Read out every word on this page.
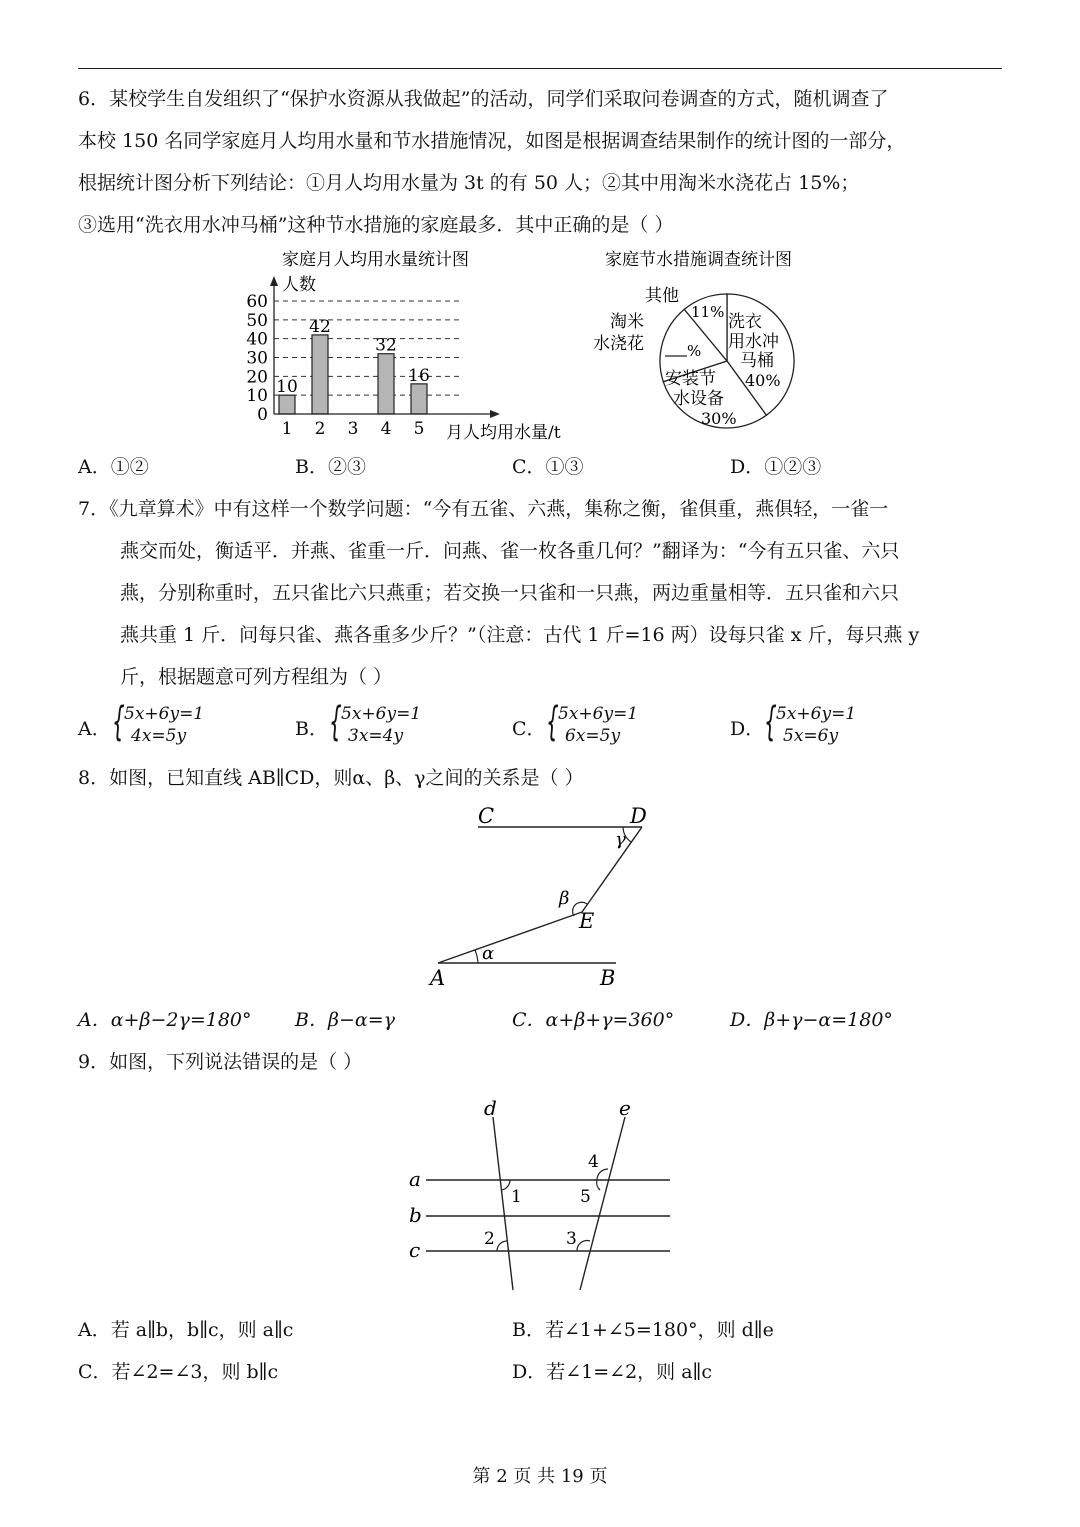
6．某校学生自发组织了“保护水资源从我做起”的活动，同学们采取问卷调查的方式，随机调查了
本校 150 名同学家庭月人均用水量和节水措施情况，如图是根据调查结果制作的统计图的一部分，
根据统计图分析下列结论：①月人均用水量为 3t 的有 50 人；②其中用淘米水浇花占 15%；
③选用“洗衣用水冲马桶”这种节水措施的家庭最多．其中正确的是（ ）
家庭月人均用水量统计图
人数
0
10
20
30
40
50
60
1 2 3 4 5
10
42
32
16
月人均用水量/t
家庭节水措施调查统计图
其他
11% 洗衣
用水冲
马桶
40%
淘米
水浇花	%
安装节
水设备
30%
A．①②	B．②③	C．①③	D．①②③
7．《九章算术》中有这样一个数学问题：“今有五雀、六燕，集称之衡，雀俱重，燕俱轻，一雀一
燕交而处，衡适平．并燕、雀重一斤．问燕、雀一枚各重几何？”翻译为：“今有五只雀、六只
燕，分别称重时，五只雀比六只燕重；若交换一只雀和一只燕，两边重量相等．五只雀和六只
燕共重 1 斤．问每只雀、燕各重多少斤？”（注意：古代 1 斤=16 两）设每只雀 x 斤，每只燕 y
斤，根据题意可列方程组为（ ）
A． { 5x+6y=1
4x=5y	B． { 5x+6y=1
3x=4y	C． { 5x+6y=1
6x=5y	D． { 5x+6y=1
5x=6y
8．如图，已知直线 AB∥CD，则α、β、γ之间的关系是（ ）
C	D
γ
β
E
α
A	B
A．α+β−2γ=180° B．β−α=γ	C．α+β+γ=360°	D．β+γ−α=180°
9．如图，下列说法错误的是（ ）
d	e
a
b
c
1
2	3
4
5
A．若 a∥b，b∥c，则 a∥c	B．若∠1+∠5=180°，则 d∥e
C．若∠2=∠3，则 b∥c	D．若∠1=∠2，则 a∥c
第 2 页 共 19 页
